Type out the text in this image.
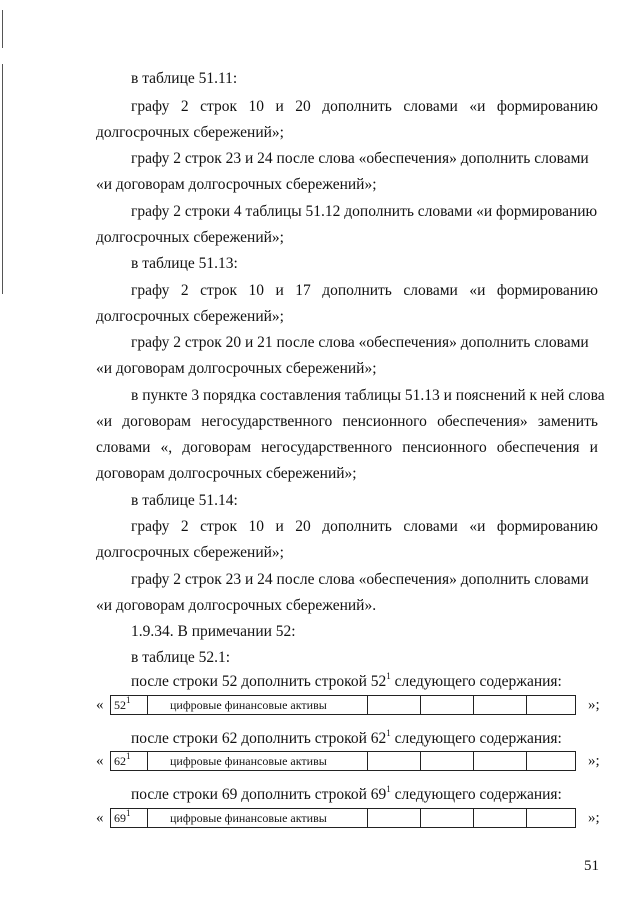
в таблице 51.11:
графу 2 строк 10 и 20 дополнить словами «и формированию
долгосрочных сбережений»;
графу 2 строк 23 и 24 после слова «обеспечения» дополнить словами
«и договорам долгосрочных сбережений»;
графу 2 строки 4 таблицы 51.12 дополнить словами «и формированию
долгосрочных сбережений»;
в таблице 51.13:
графу 2 строк 10 и 17 дополнить словами «и формированию
долгосрочных сбережений»;
графу 2 строк 20 и 21 после слова «обеспечения» дополнить словами
«и договорам долгосрочных сбережений»;
в пункте 3 порядка составления таблицы 51.13 и пояснений к ней слова
«и договорам негосударственного пенсионного обеспечения» заменить
словами «, договорам негосударственного пенсионного обеспечения и
договорам долгосрочных сбережений»;
в таблице 51.14:
графу 2 строк 10 и 20 дополнить словами «и формированию
долгосрочных сбережений»;
графу 2 строк 23 и 24 после слова «обеспечения» дополнить словами
«и договорам долгосрочных сбережений».
1.9.34. В примечании 52:
в таблице 52.1:
после строки 52 дополнить строкой $52^1$ следующего содержания:
« $52^1$	цифровые финансовые активы	»;
после строки 62 дополнить строкой $62^1$ следующего содержания:
« $62^1$	цифровые финансовые активы	»;
после строки 69 дополнить строкой $69^1$ следующего содержания:
« $69^1$	цифровые финансовые активы	»;
51
